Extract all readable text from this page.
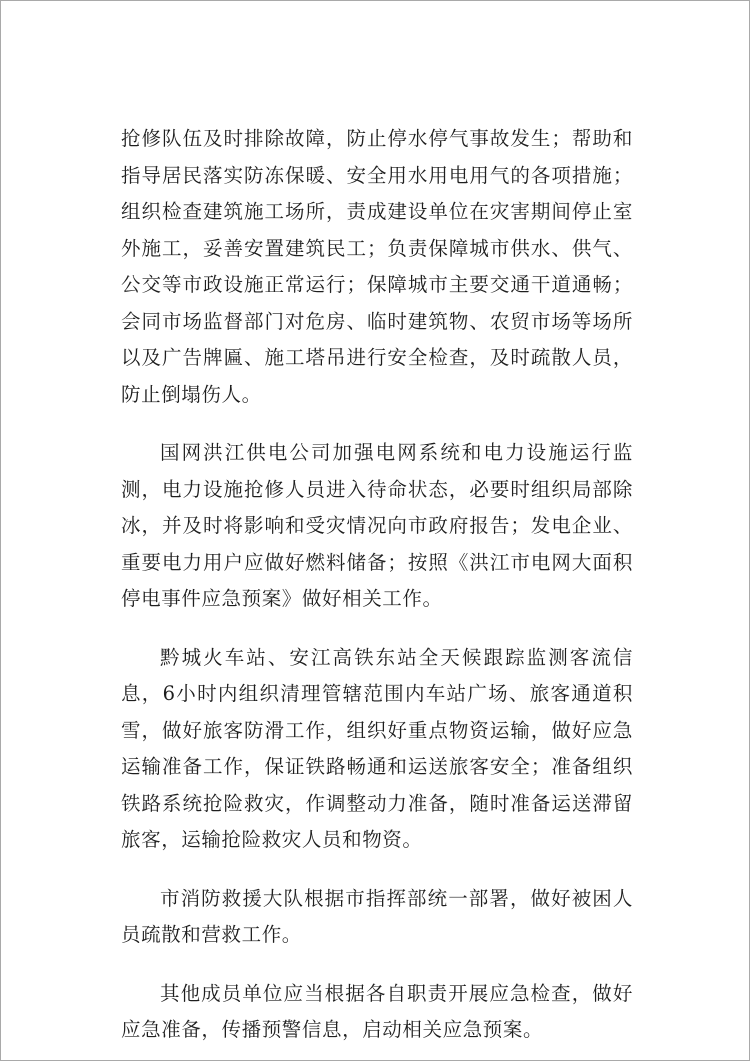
抢修队伍及时排除故障，防止停水停气事故发生；帮助和指导居民落实防冻保暖、安全用水用电用气的各项措施；组织检查建筑施工场所，责成建设单位在灾害期间停止室外施工，妥善安置建筑民工；负责保障城市供水、供气、公交等市政设施正常运行；保障城市主要交通干道通畅；会同市场监督部门对危房、临时建筑物、农贸市场等场所以及广告牌匾、施工塔吊进行安全检查，及时疏散人员，防止倒塌伤人。

国网洪江供电公司加强电网系统和电力设施运行监测，电力设施抢修人员进入待命状态，必要时组织局部除冰，并及时将影响和受灾情况向市政府报告；发电企业、重要电力用户应做好燃料储备；按照《洪江市电网大面积停电事件应急预案》做好相关工作。

黔城火车站、安江高铁东站全天候跟踪监测客流信息，6小时内组织清理管辖范围内车站广场、旅客通道积雪，做好旅客防滑工作，组织好重点物资运输，做好应急运输准备工作，保证铁路畅通和运送旅客安全；准备组织铁路系统抢险救灾，作调整动力准备，随时准备运送滞留旅客，运输抢险救灾人员和物资。

市消防救援大队根据市指挥部统一部署，做好被困人员疏散和营救工作。

其他成员单位应当根据各自职责开展应急检查，做好应急准备，传播预警信息，启动相关应急预案。
